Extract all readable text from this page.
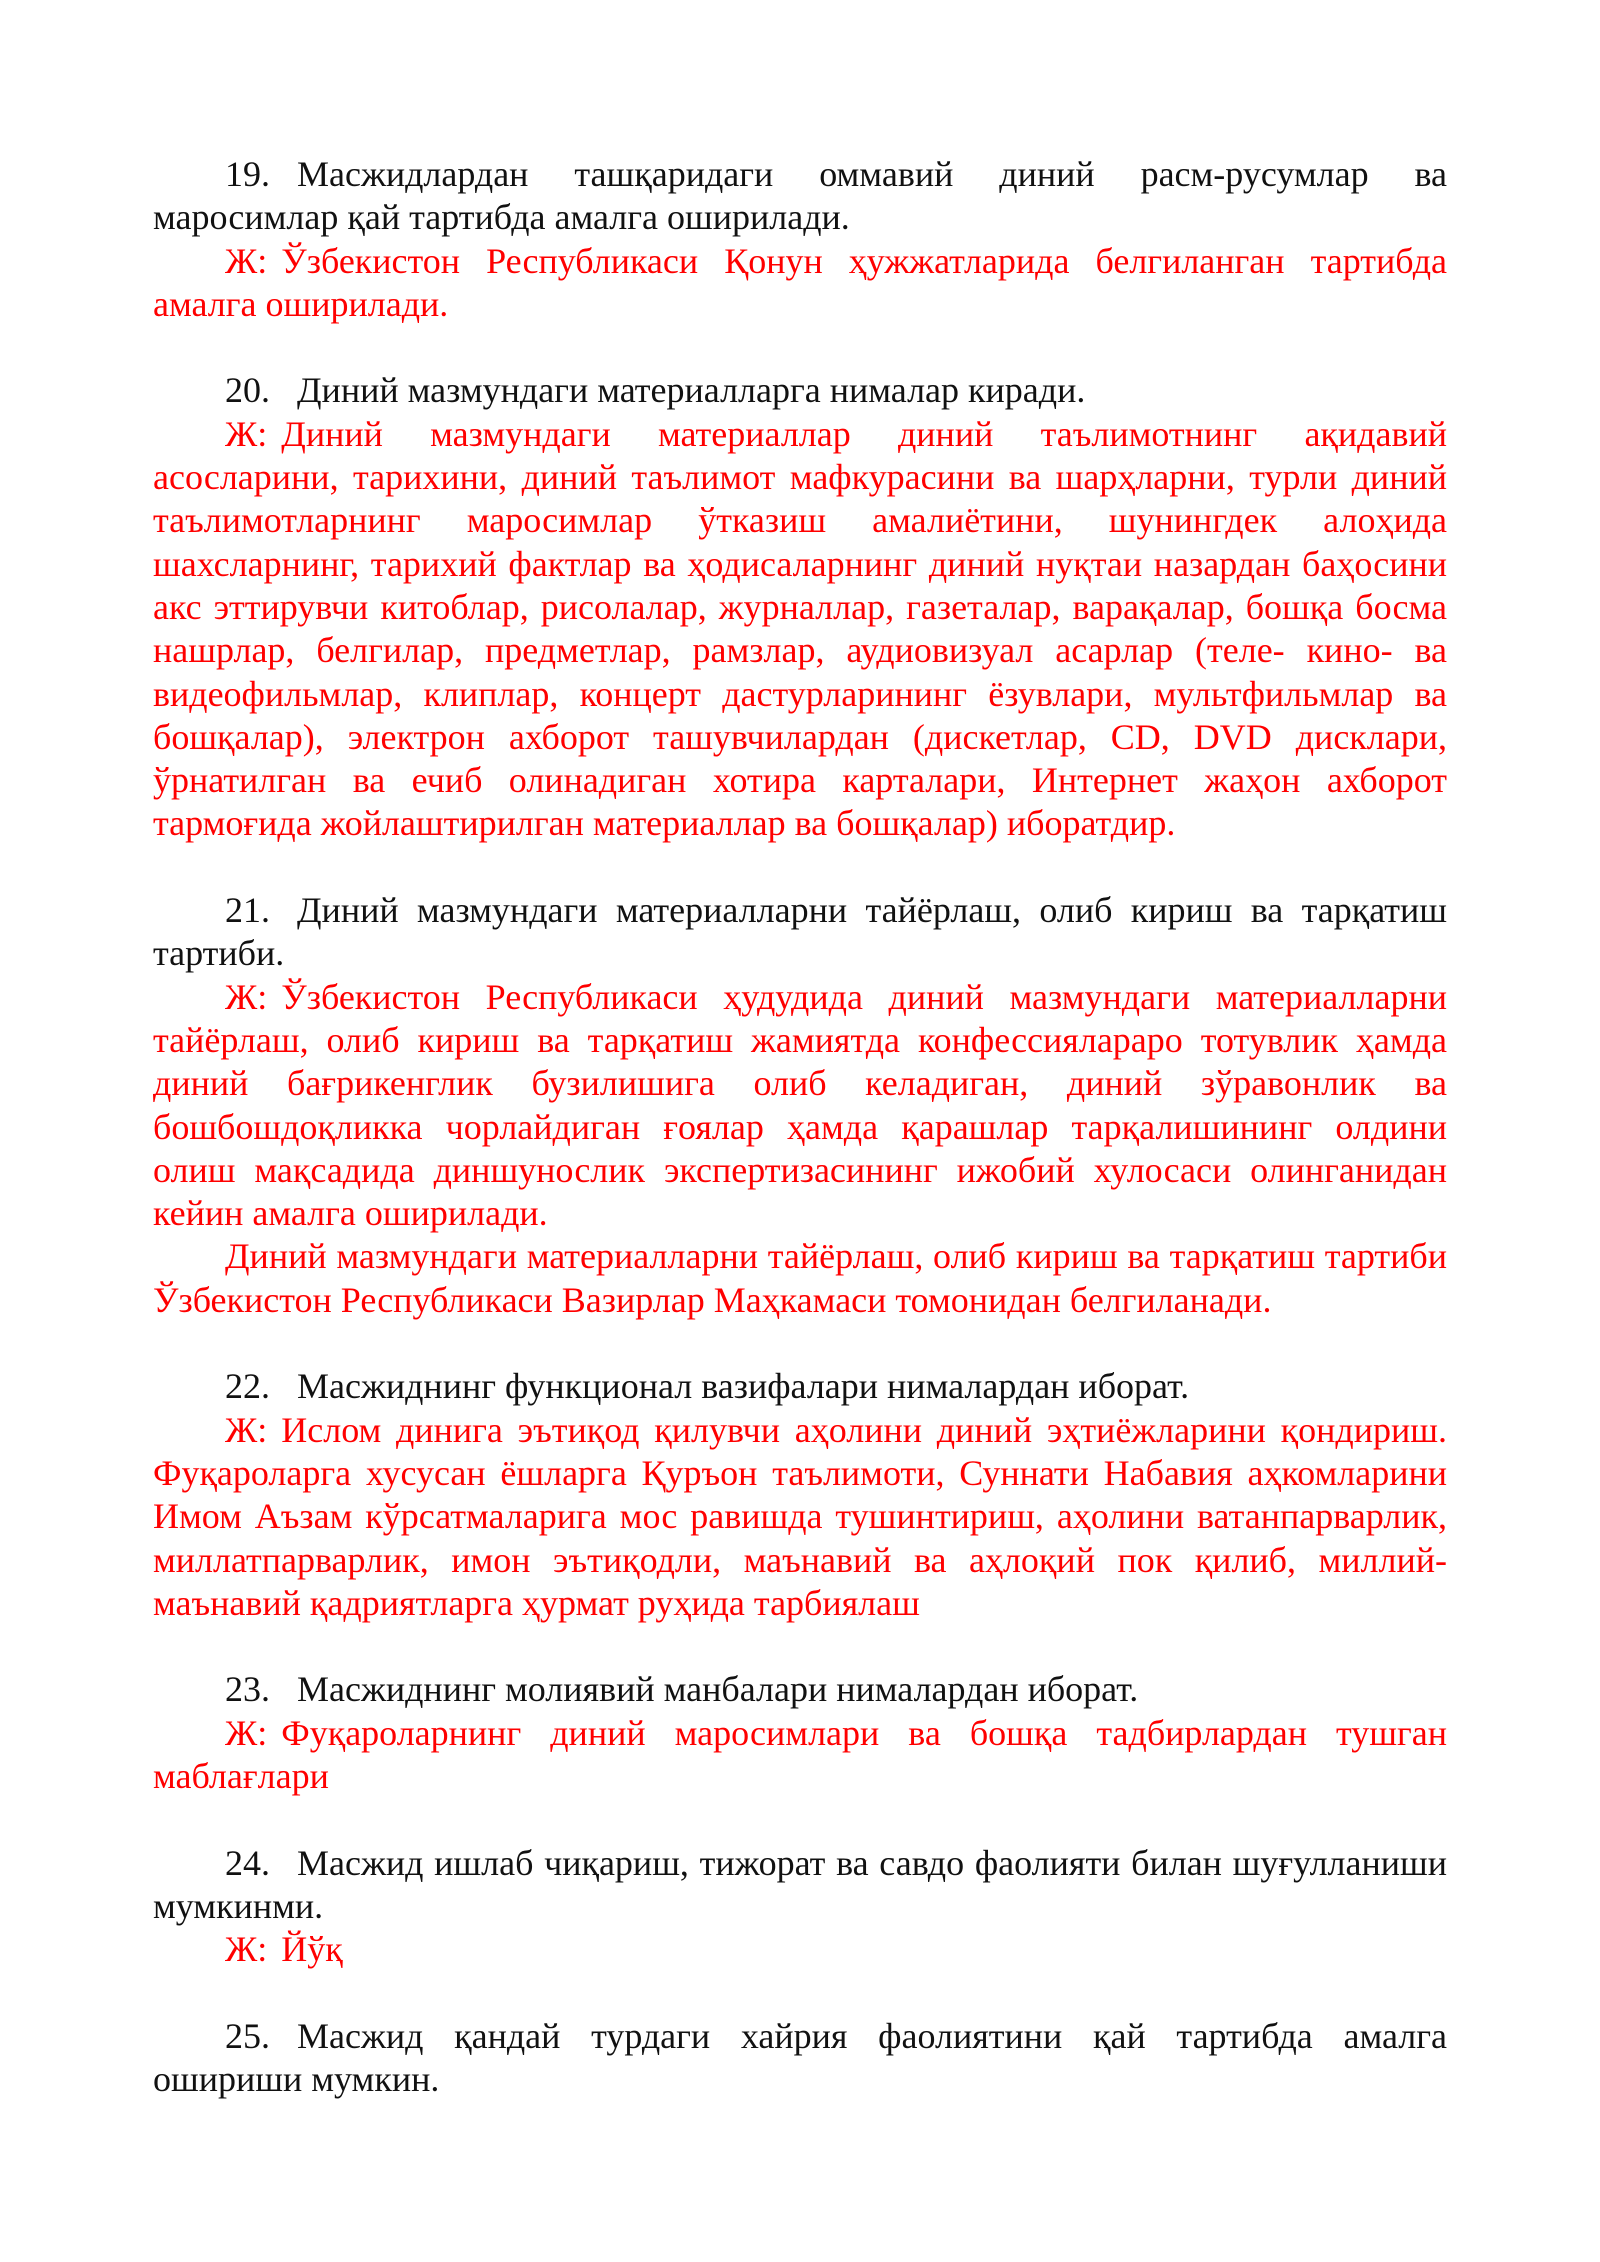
19. Масжидлардан ташқаридаги оммавий диний расм-русумлар ва маросимлар қай тартибда амалга оширилади.

Ж: Ўзбекистон Республикаси Қонун ҳужжатларида белгиланган тартибда амалга оширилади.

20. Диний мазмундаги материалларга нималар киради.

Ж: Диний мазмундаги материаллар диний таълимотнинг ақидавий асосларини, тарихини, диний таълимот мафкурасини ва шарҳларни, турли диний таълимотларнинг маросимлар ўтказиш амалиётини, шунингдек алоҳида шахсларнинг, тарихий фактлар ва ҳодисаларнинг диний нуқтаи назардан баҳосини акс эттирувчи китоблар, рисолалар, журналлар, газеталар, варақалар, бошқа босма нашрлар, белгилар, предметлар, рамзлар, аудиовизуал асарлар (теле- кино- ва видеофильмлар, клиплар, концерт дастурларининг ёзувлари, мультфильмлар ва бошқалар), электрон ахборот ташувчилардан (дискетлар, CD, DVD дисклари, ўрнатилган ва ечиб олинадиган хотира карталари, Интернет жаҳон ахборот тармоғида жойлаштирилган материаллар ва бошқалар) иборатдир.

21. Диний мазмундаги материалларни тайёрлаш, олиб кириш ва тарқатиш тартиби.

Ж: Ўзбекистон Республикаси ҳудудида диний мазмундаги материалларни тайёрлаш, олиб кириш ва тарқатиш жамиятда конфессияларaро тотувлик ҳамда диний бағрикенглик бузилишига олиб келадиган, диний зўравонлик ва бошбошдоқликка чорлайдиган ғоялар ҳамда қарашлар тарқалишининг олдини олиш мақсадида диншунослик экспертизасининг ижобий хулосаси олинганидан кейин амалга оширилади.

Диний мазмундаги материалларни тайёрлаш, олиб кириш ва тарқатиш тартиби Ўзбекистон Республикаси Вазирлар Маҳкамаси томонидан белгиланади.

22. Масжиднинг функционал вазифалари нималардан иборат.

Ж: Ислом динига эътиқод қилувчи аҳолини диний эҳтиёжларини қондириш. Фуқароларга хусусан ёшларга Қуръон таълимоти, Суннати Набавия аҳкомларини Имом Аъзам кўрсатмаларига мос равишда тушинтириш, аҳолини ватанпарварлик, миллатпарварлик, имон эътиқодли, маънавий ва аҳлоқий пок қилиб, миллий-маънавий қадриятларга ҳурмат руҳида тарбиялаш

23. Масжиднинг молиявий манбалари нималардан иборат.

Ж: Фуқароларнинг диний маросимлари ва бошқа тадбирлардан тушган маблағлари

24. Масжид ишлаб чиқариш, тижорат ва савдо фаолияти билан шуғулланиши мумкинми.

Ж: Йўқ

25. Масжид қандай турдаги хайрия фаолиятини қай тартибда амалга ошириши мумкин.
